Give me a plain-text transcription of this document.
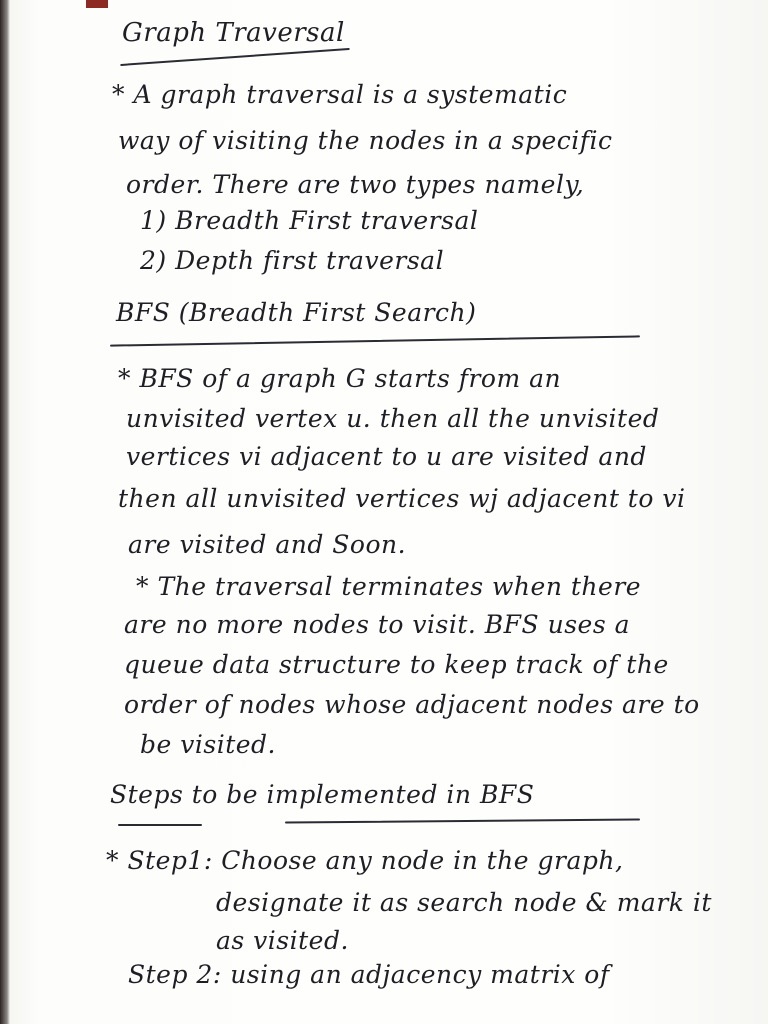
Graph Traversal
* A graph traversal is a systematic
way of visiting the nodes in a specific
order. There are two types namely,
1) Breadth First traversal
2) Depth first traversal
BFS (Breadth First Search)
* BFS of a graph G starts from an
unvisited vertex u. then all the unvisited
vertices vi adjacent to u are visited and
then all unvisited vertices wj adjacent to vi
are visited and Soon.
* The traversal terminates when there
are no more nodes to visit. BFS uses a
queue data structure to keep track of the
order of nodes whose adjacent nodes are to
be visited.
Steps to be implemented in BFS
* Step1: Choose any node in the graph,
designate it as search node & mark it
as visited.
Step 2: using an adjacency matrix of
